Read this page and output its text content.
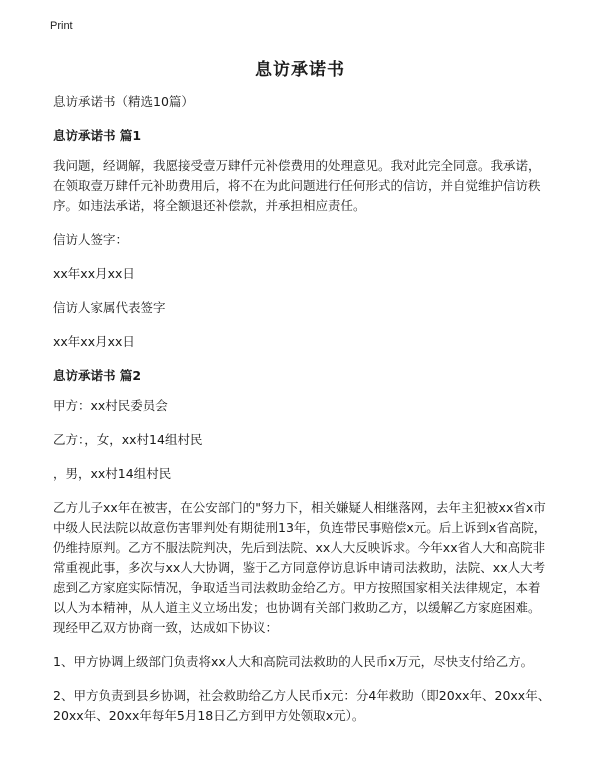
Print
息访承诺书

息访承诺书（精选10篇）

息访承诺书 篇1

我问题，经调解，我愿接受壹万肆仟元补偿费用的处理意见。我对此完全同意。我承诺，在领取壹万肆仟元补助费用后，将不在为此问题进行任何形式的信访，并自觉维护信访秩序。如违法承诺，将全额退还补偿款，并承担相应责任。

信访人签字：

xx年xx月xx日

信访人家属代表签字

xx年xx月xx日

息访承诺书 篇2

甲方：xx村民委员会

乙方：，女，xx村14组村民

，男，xx村14组村民

乙方儿子xx年在被害，在公安部门的"努力下，相关嫌疑人相继落网，去年主犯被xx省x市中级人民法院以故意伤害罪判处有期徒刑13年，负连带民事赔偿x元。后上诉到x省高院，仍维持原判。乙方不服法院判决，先后到法院、xx人大反映诉求。今年xx省人大和高院非常重视此事，多次与xx人大协调，鉴于乙方同意停访息诉申请司法救助，法院、xx人大考虑到乙方家庭实际情况，争取适当司法救助金给乙方。甲方按照国家相关法律规定，本着以人为本精神，从人道主义立场出发；也协调有关部门救助乙方，以缓解乙方家庭困难。现经甲乙双方协商一致，达成如下协议：

1、甲方协调上级部门负责将xx人大和高院司法救助的人民币x万元，尽快支付给乙方。

2、甲方负责到县乡协调，社会救助给乙方人民币x元：分4年救助（即20xx年、20xx年、20xx年、20xx年每年5月18日乙方到甲方处领取x元）。
